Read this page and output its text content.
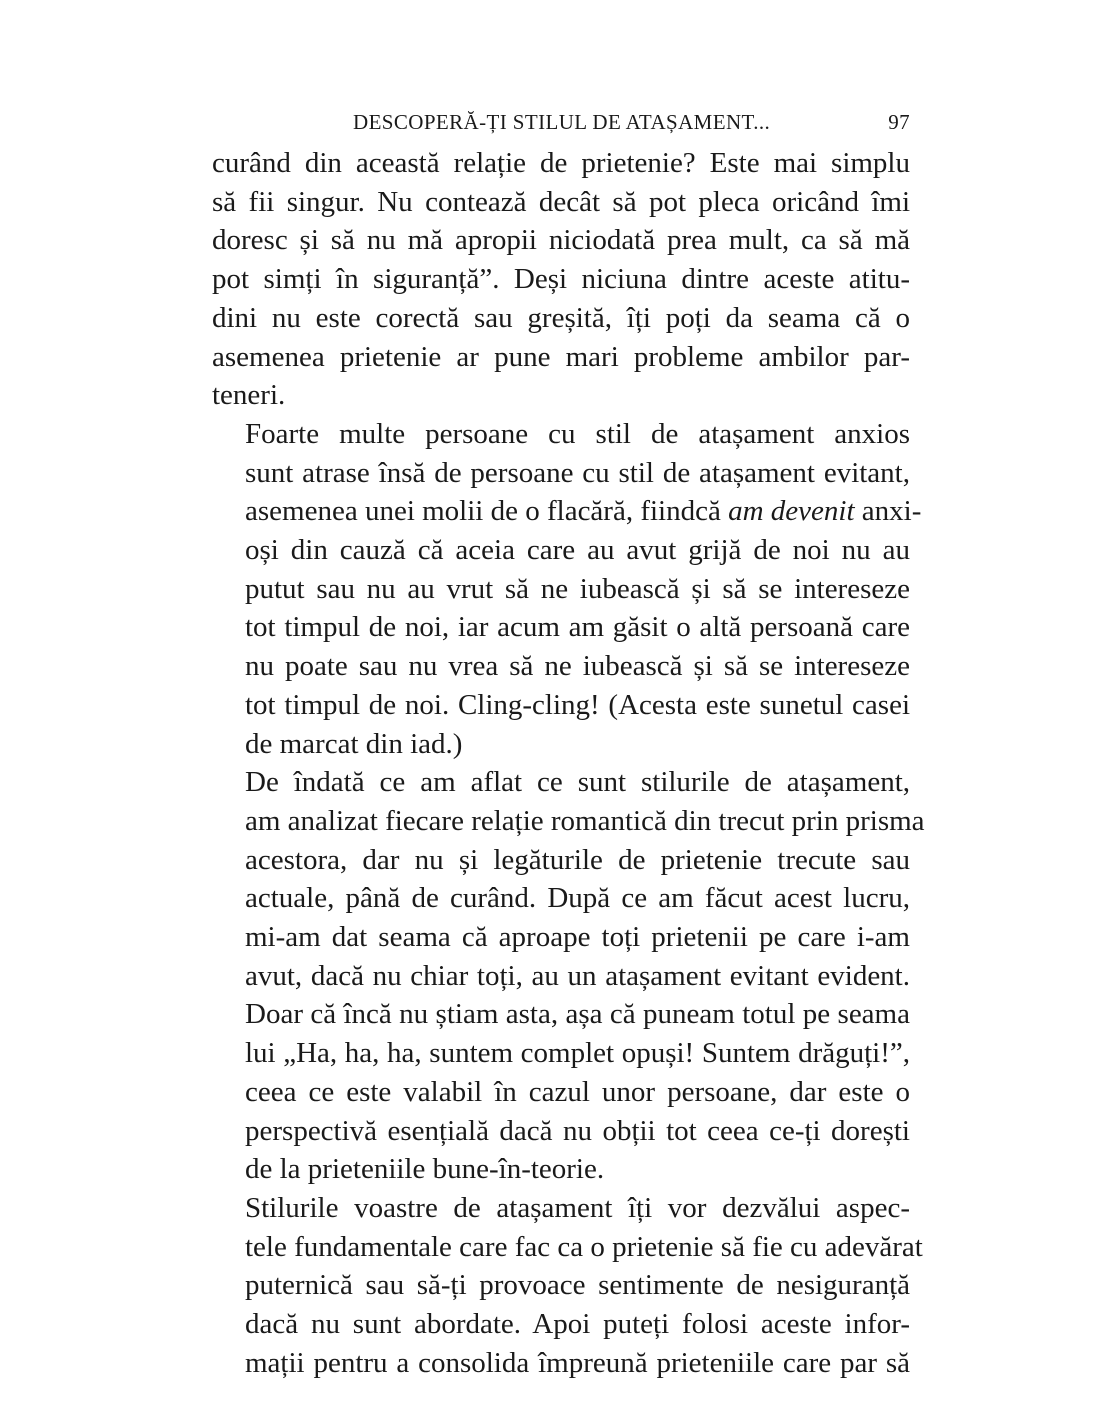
DESCOPERĂ-ȚI STILUL DE ATAȘAMENT...	97

curând din această relație de prietenie? Este mai simplu
să fii singur. Nu contează decât să pot pleca oricând îmi
doresc și să nu mă apropii niciodată prea mult, ca să mă
pot simți în siguranță”. Deși niciuna dintre aceste atitu-
dini nu este corectă sau greșită, îți poți da seama că o
asemenea prietenie ar pune mari probleme ambilor par-
teneri.

Foarte multe persoane cu stil de atașament anxios
sunt atrase însă de persoane cu stil de atașament evitant,
asemenea unei molii de o flacără, fiindcă am devenit anxi-
oși din cauză că aceia care au avut grijă de noi nu au
putut sau nu au vrut să ne iubească și să se intereseze
tot timpul de noi, iar acum am găsit o altă persoană care
nu poate sau nu vrea să ne iubească și să se intereseze
tot timpul de noi. Cling-cling! (Acesta este sunetul casei
de marcat din iad.)

De îndată ce am aflat ce sunt stilurile de atașament,
am analizat fiecare relație romantică din trecut prin prisma
acestora, dar nu și legăturile de prietenie trecute sau
actuale, până de curând. După ce am făcut acest lucru,
mi-am dat seama că aproape toți prietenii pe care i-am
avut, dacă nu chiar toți, au un atașament evitant evident.
Doar că încă nu știam asta, așa că puneam totul pe seama
lui „Ha, ha, ha, suntem complet opuși! Suntem drăguți!”,
ceea ce este valabil în cazul unor persoane, dar este o
perspectivă esențială dacă nu obții tot ceea ce-ți dorești
de la prieteniile bune-în-teorie.

Stilurile voastre de atașament îți vor dezvălui aspec-
tele fundamentale care fac ca o prietenie să fie cu adevărat
puternică sau să-ți provoace sentimente de nesiguranță
dacă nu sunt abordate. Apoi puteți folosi aceste infor-
mații pentru a consolida împreună prieteniile care par să
